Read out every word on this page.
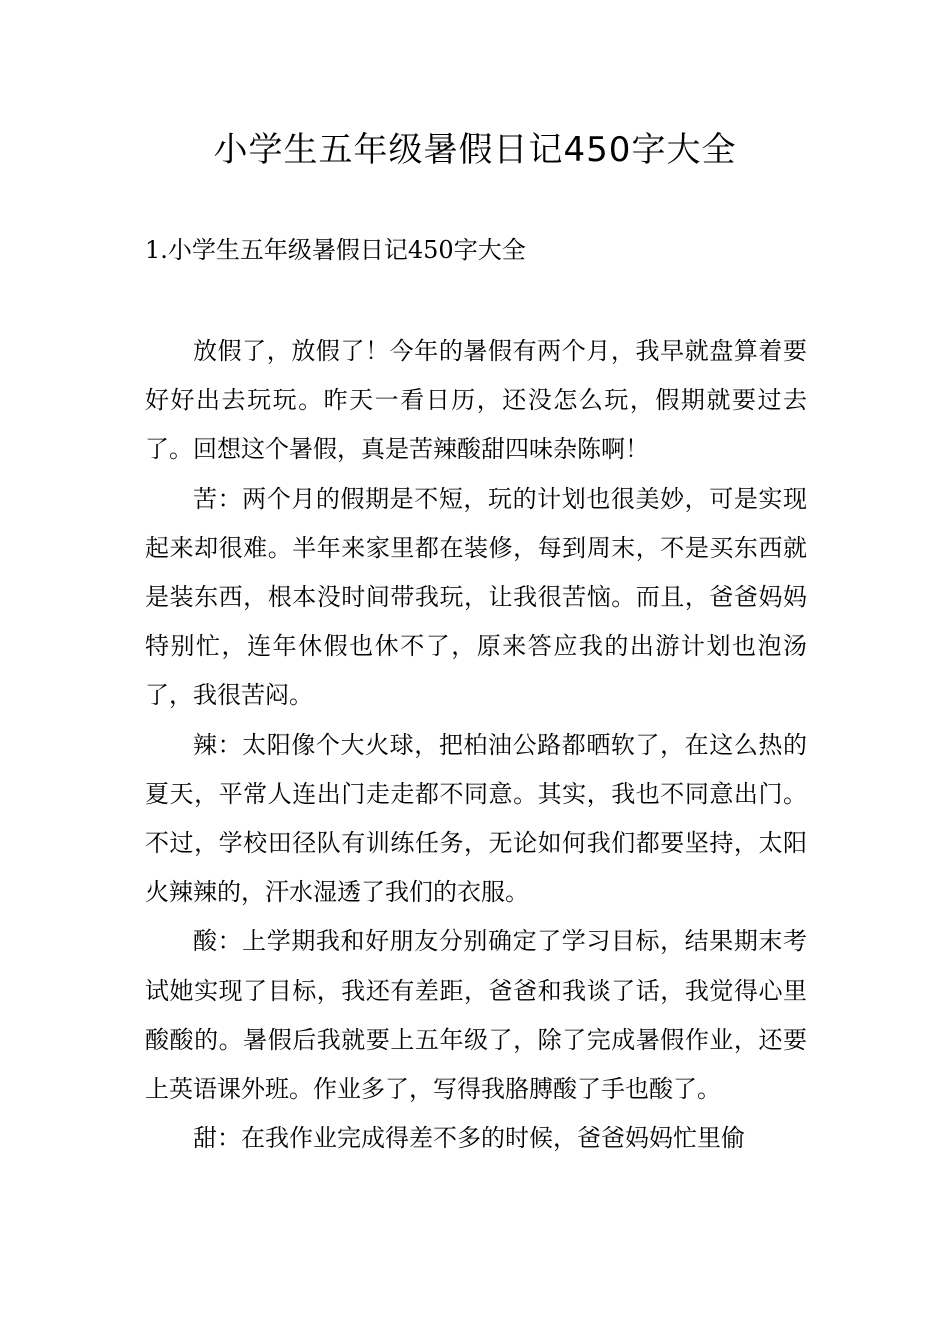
小学生五年级暑假日记450字大全
1.小学生五年级暑假日记450字大全

放假了，放假了！今年的暑假有两个月，我早就盘算着要好好出去玩玩。昨天一看日历，还没怎么玩，假期就要过去了。回想这个暑假，真是苦辣酸甜四味杂陈啊！

苦：两个月的假期是不短，玩的计划也很美妙，可是实现起来却很难。半年来家里都在装修，每到周末，不是买东西就是装东西，根本没时间带我玩，让我很苦恼。而且，爸爸妈妈特别忙，连年休假也休不了，原来答应我的出游计划也泡汤了，我很苦闷。

辣：太阳像个大火球，把柏油公路都晒软了，在这么热的夏天，平常人连出门走走都不同意。其实，我也不同意出门。不过，学校田径队有训练任务，无论如何我们都要坚持，太阳火辣辣的，汗水湿透了我们的衣服。

酸：上学期我和好朋友分别确定了学习目标，结果期末考试她实现了目标，我还有差距，爸爸和我谈了话，我觉得心里酸酸的。暑假后我就要上五年级了，除了完成暑假作业，还要上英语课外班。作业多了，写得我胳膊酸了手也酸了。

甜：在我作业完成得差不多的时候，爸爸妈妈忙里偷
